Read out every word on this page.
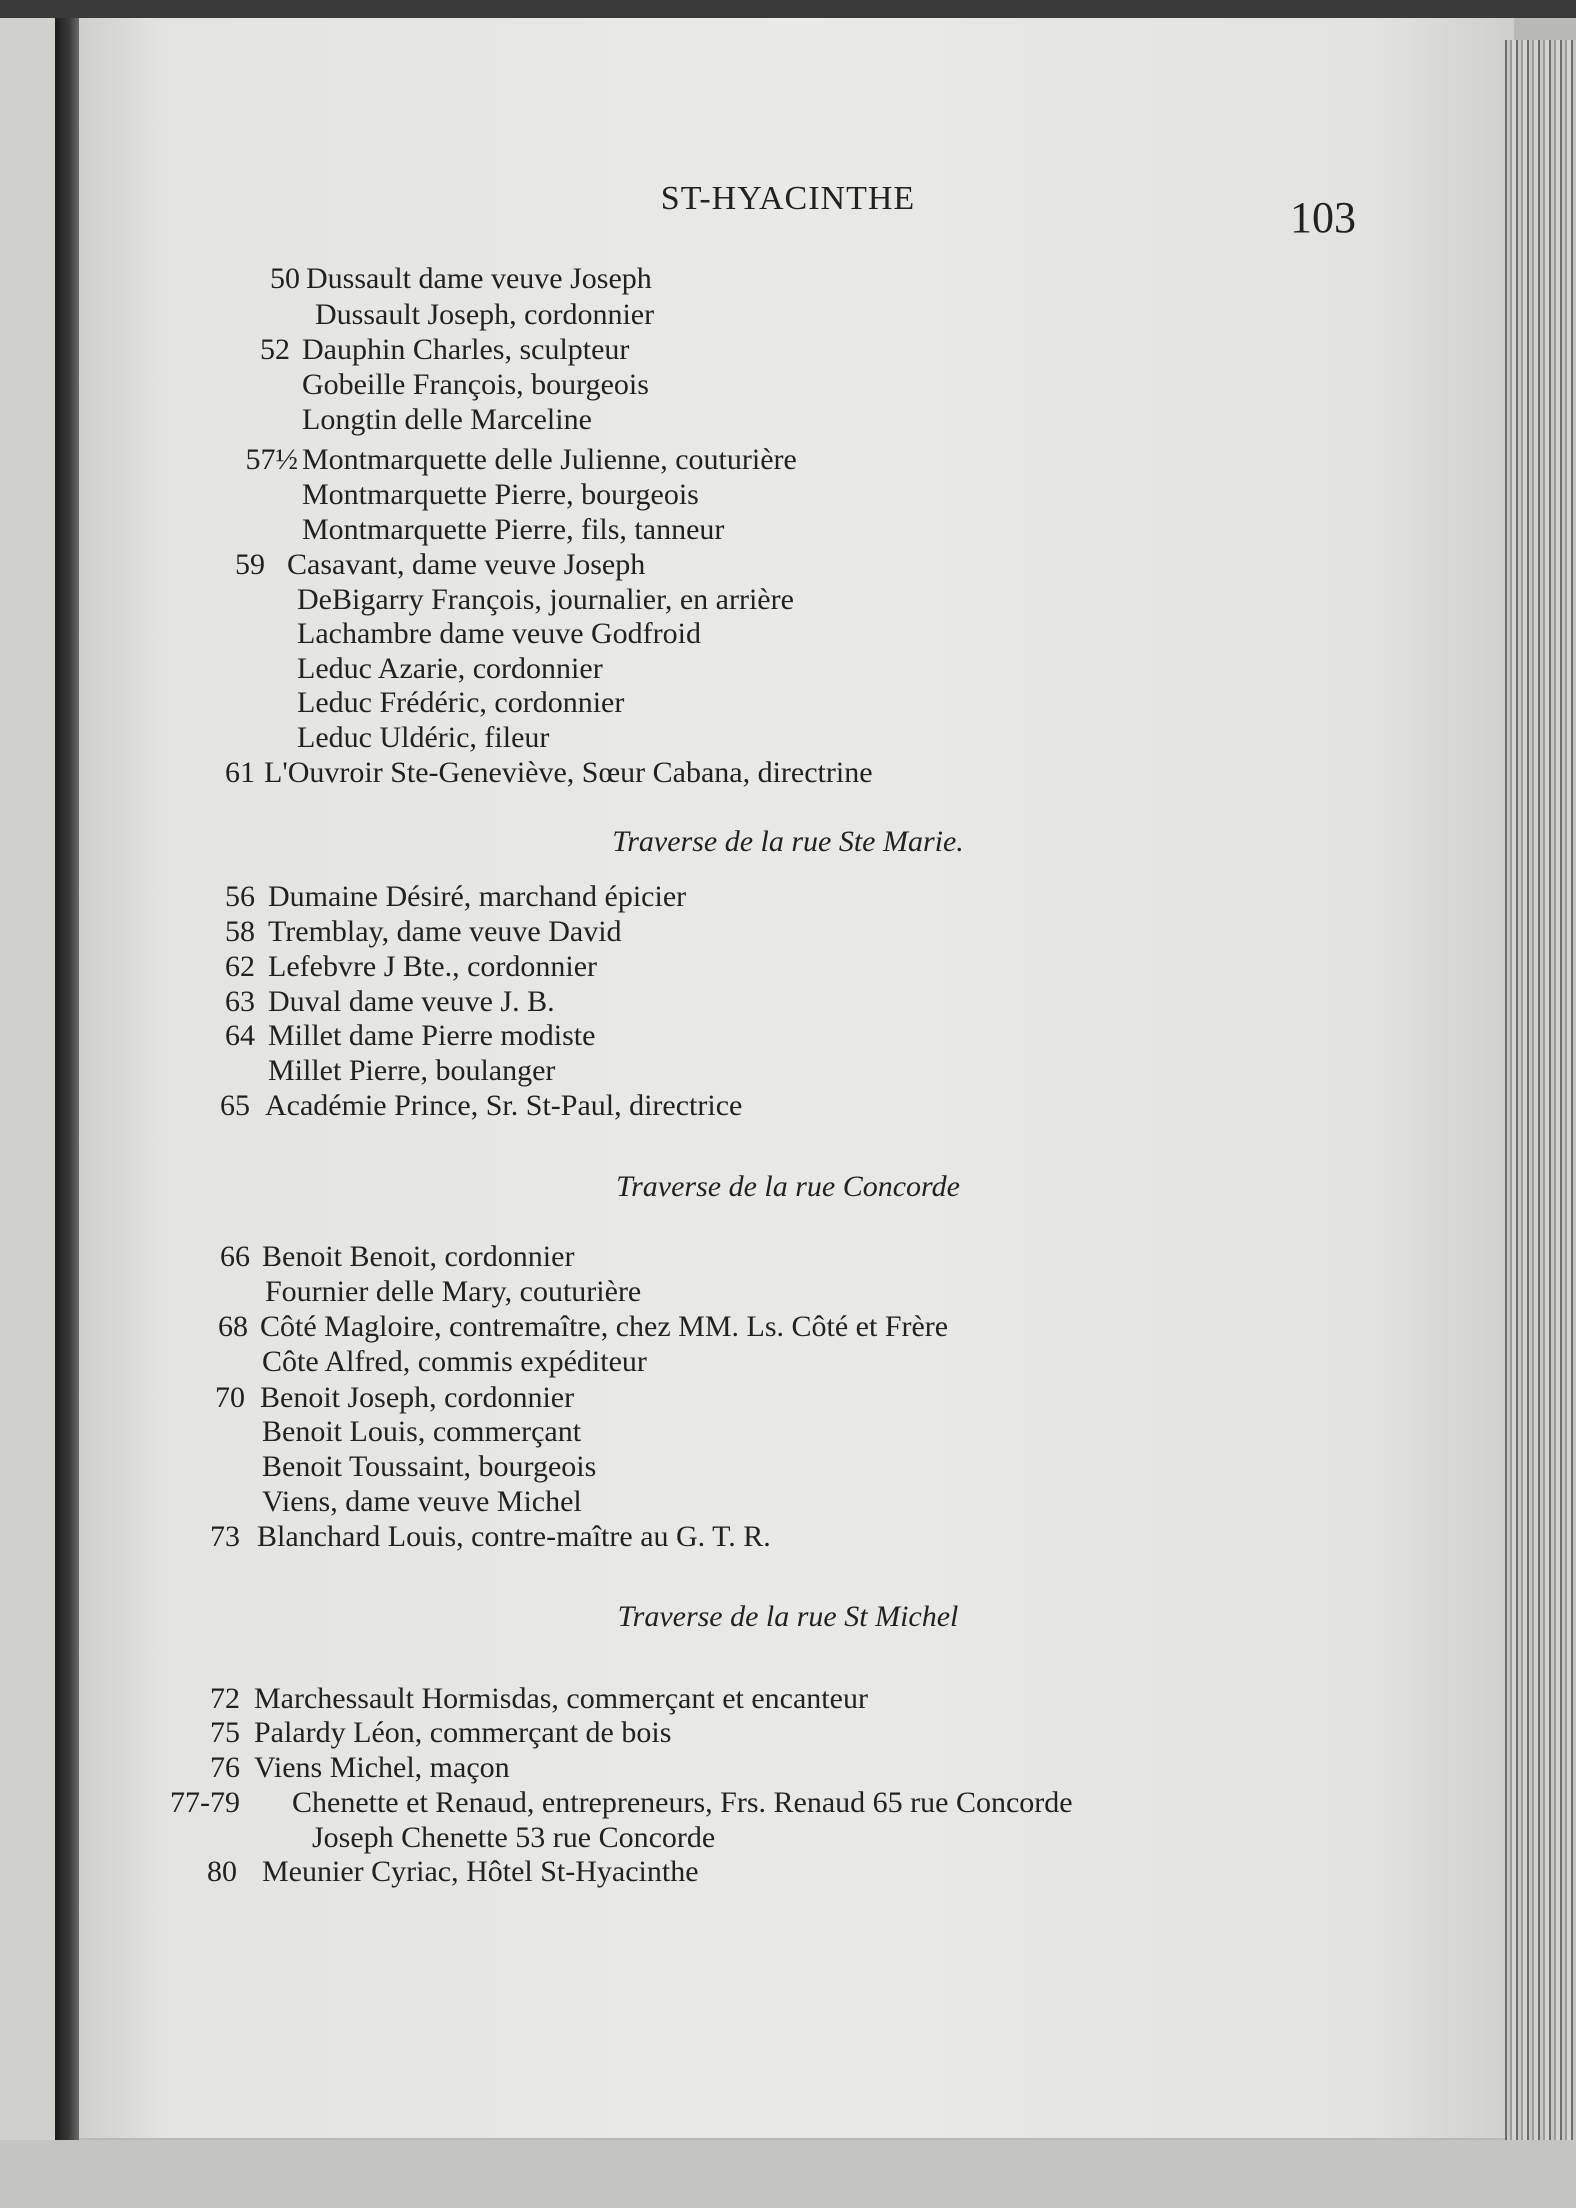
ST-HYACINTHE	103
50 Dussault dame veuve Joseph
Dussault Joseph, cordonnier
52 Dauphin Charles, sculpteur
Gobeille François, bourgeois
Longtin delle Marceline
57½ Montmarquette delle Julienne, couturière
Montmarquette Pierre, bourgeois
Montmarquette Pierre, fils, tanneur
59 Casavant, dame veuve Joseph
DeBigarry François, journalier, en arrière
Lachambre dame veuve Godfroid
Leduc Azarie, cordonnier
Leduc Frédéric, cordonnier
Leduc Uldéric, fileur
61 L'Ouvroir Ste-Geneviève, Sœur Cabana, directrine
Traverse de la rue Ste Marie.
56 Dumaine Désiré, marchand épicier
58 Tremblay, dame veuve David
62 Lefebvre J Bte., cordonnier
63 Duval dame veuve J. B.
64 Millet dame Pierre modiste
Millet Pierre, boulanger
65 Académie Prince, Sr. St-Paul, directrice
Traverse de la rue Concorde
66 Benoit Benoit, cordonnier
Fournier delle Mary, couturière
68 Côté Magloire, contremaître, chez MM. Ls. Côté et Frère
Côte Alfred, commis expéditeur
70 Benoit Joseph, cordonnier
Benoit Louis, commerçant
Benoit Toussaint, bourgeois
Viens, dame veuve Michel
73 Blanchard Louis, contre-maître au G. T. R.
Traverse de la rue St Michel
72 Marchessault Hormisdas, commerçant et encanteur
75 Palardy Léon, commerçant de bois
76 Viens Michel, maçon
77-79 Chenette et Renaud, entrepreneurs, Frs. Renaud 65 rue Concorde
Joseph Chenette 53 rue Concorde
80 Meunier Cyriac, Hôtel St-Hyacinthe
